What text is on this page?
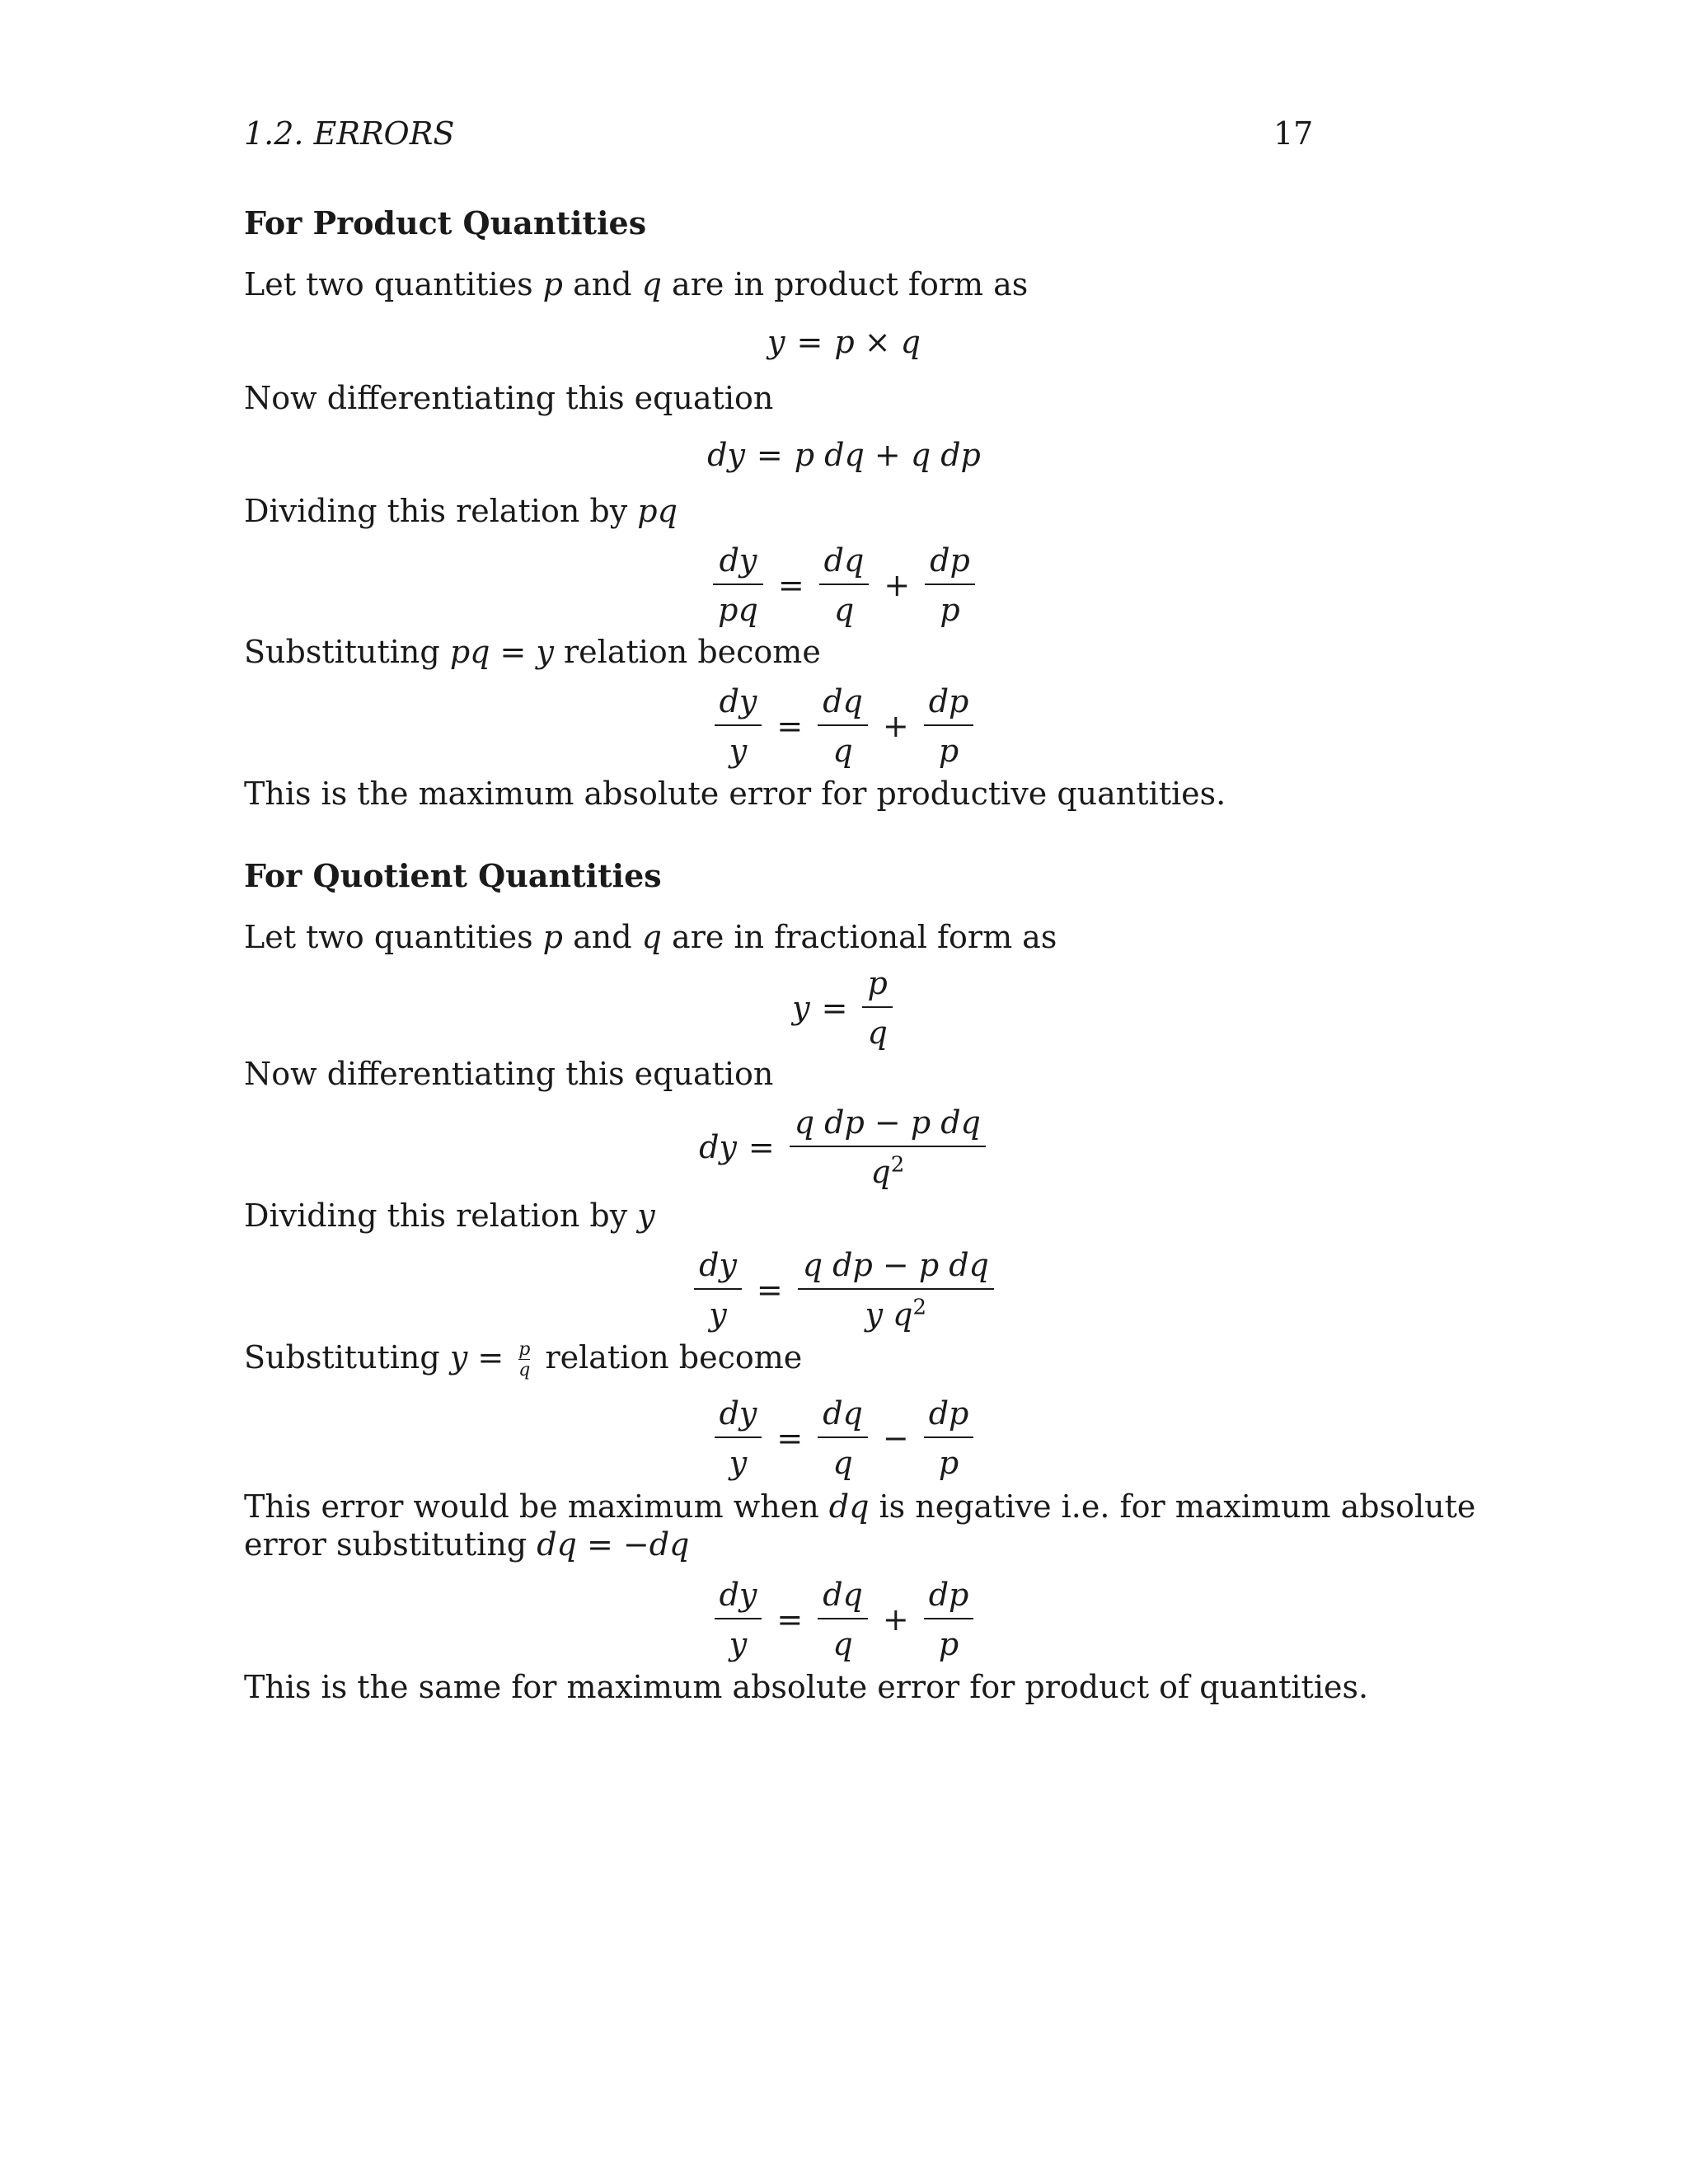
1.2. ERRORS	17
For Product Quantities
Let two quantities p and q are in product form as
y = p × q
Now differentiating this equation
dy = p dq + q dp
Dividing this relation by pq
$\frac{dy}{pq} = \frac{dq}{q} + \frac{dp}{p}$
Substituting pq = y relation become
$\frac{dy}{y} = \frac{dq}{q} + \frac{dp}{p}$
This is the maximum absolute error for productive quantities.
For Quotient Quantities
Let two quantities p and q are in fractional form as
$y = \frac{p}{q}$
Now differentiating this equation
dy = $\frac{\text{q dp − p dq}}{q^2}$
Dividing this relation by y
$\frac{dy}{y} = \frac{\text{q dp − p dq}}{y q^2}$
Substituting $y = \frac{p}{q}$ relation become
$\frac{dy}{y} = \frac{dq}{q} - \frac{dp}{p}$
This error would be maximum when dq is negative i.e. for maximum absolute
error substituting dq = −dq
$\frac{dy}{y} = \frac{dq}{q} + \frac{dp}{p}$
This is the same for maximum absolute error for product of quantities.
